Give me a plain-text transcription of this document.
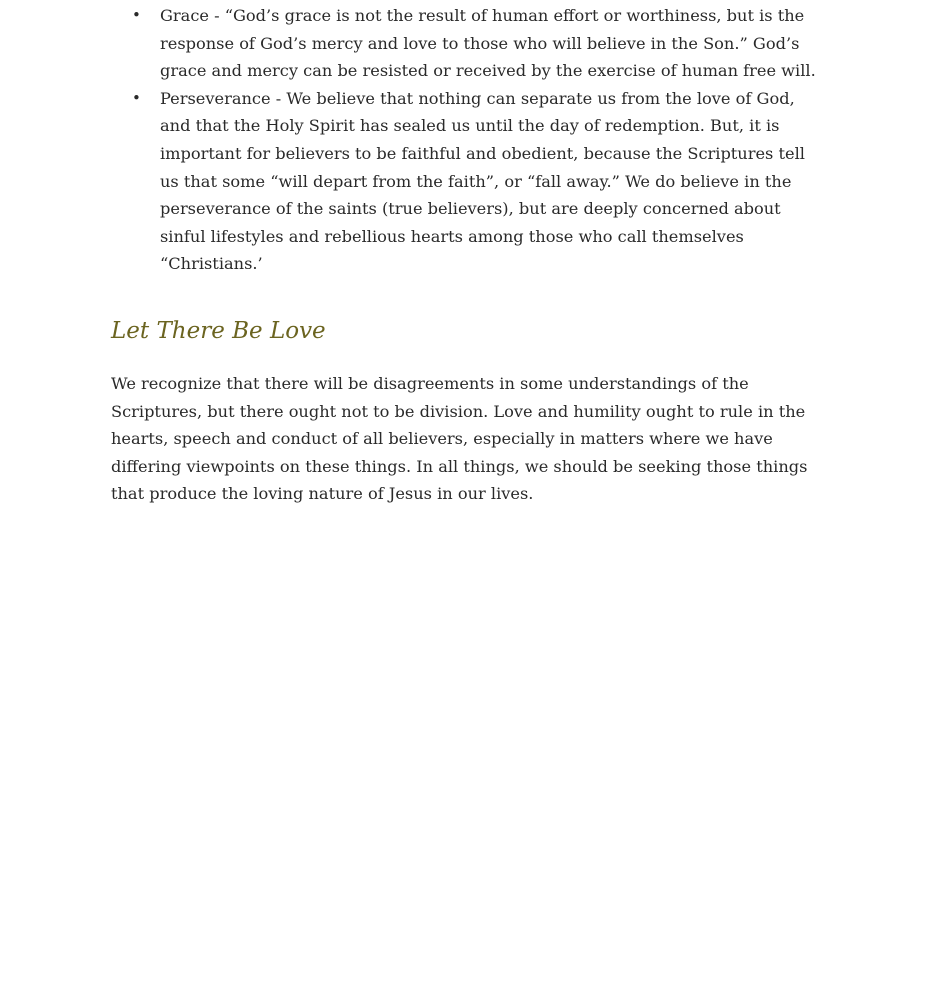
• Grace - “God’s grace is not the result of human effort or worthiness, but is the response of God’s mercy and love to those who will believe in the Son.” God’s grace and mercy can be resisted or received by the exercise of human free will.
• Perseverance - We believe that nothing can separate us from the love of God, and that the Holy Spirit has sealed us until the day of redemption. But, it is important for believers to be faithful and obedient, because the Scriptures tell us that some “will depart from the faith”, or “fall away.” We do believe in the perseverance of the saints (true believers), but are deeply concerned about sinful lifestyles and rebellious hearts among those who call themselves “Christians.’
Let There Be Love

We recognize that there will be disagreements in some understandings of the Scriptures, but there ought not to be division. Love and humility ought to rule in the hearts, speech and conduct of all believers, especially in matters where we have differing viewpoints on these things. In all things, we should be seeking those things that produce the loving nature of Jesus in our lives.
